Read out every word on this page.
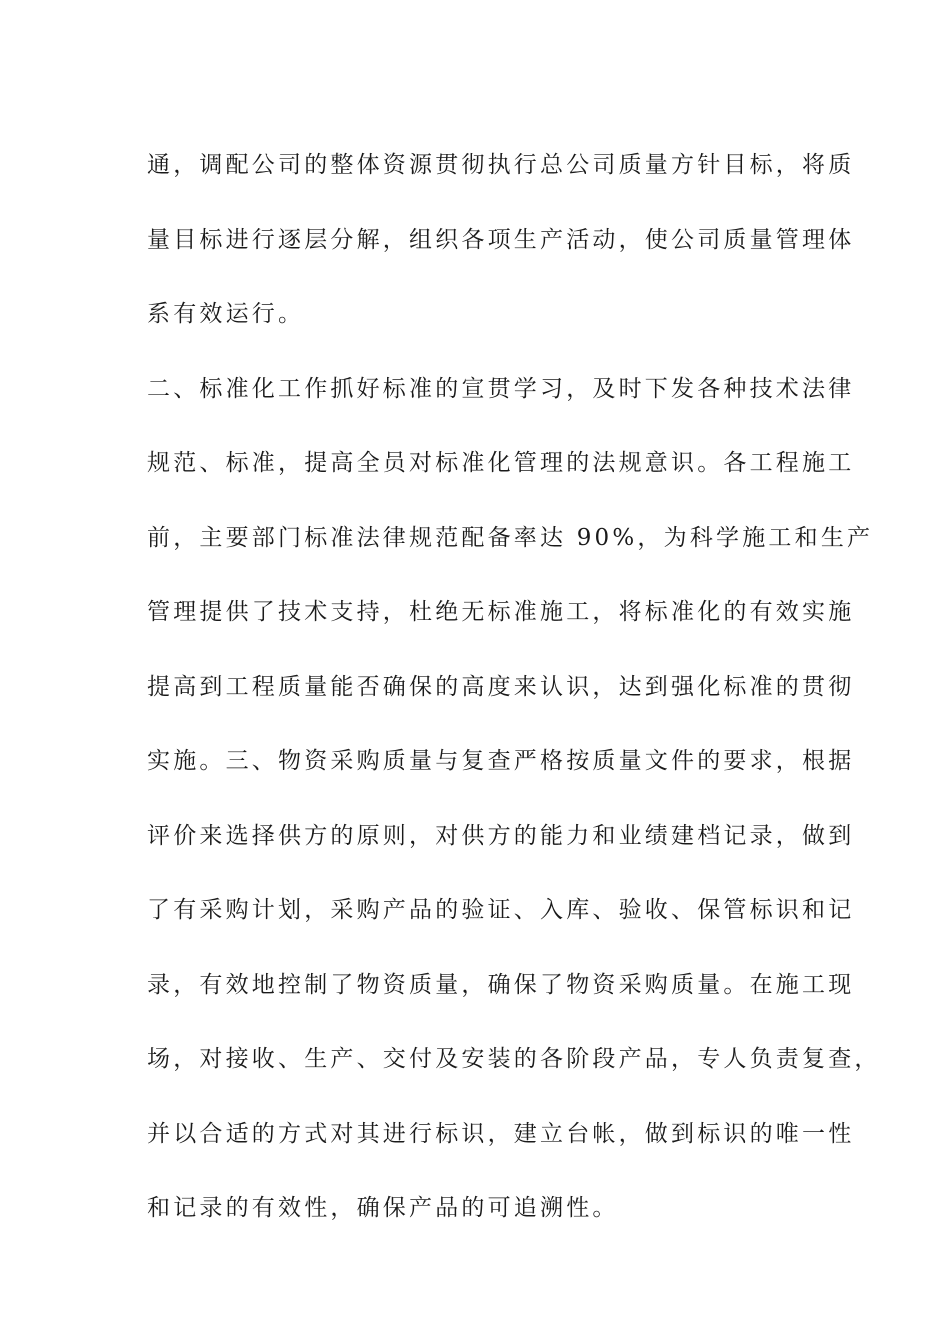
通，调配公司的整体资源贯彻执行总公司质量方针目标，将质
量目标进行逐层分解，组织各项生产活动，使公司质量管理体
系有效运行。
二、标准化工作抓好标准的宣贯学习，及时下发各种技术法律
规范、标准，提高全员对标准化管理的法规意识。各工程施工
前，主要部门标准法律规范配备率达 90%，为科学施工和生产
管理提供了技术支持，杜绝无标准施工，将标准化的有效实施
提高到工程质量能否确保的高度来认识，达到强化标准的贯彻
实施。三、物资采购质量与复查严格按质量文件的要求，根据
评价来选择供方的原则，对供方的能力和业绩建档记录，做到
了有采购计划，采购产品的验证、入库、验收、保管标识和记
录，有效地控制了物资质量，确保了物资采购质量。在施工现
场，对接收、生产、交付及安装的各阶段产品，专人负责复查，
并以合适的方式对其进行标识，建立台帐，做到标识的唯一性
和记录的有效性，确保产品的可追溯性。
